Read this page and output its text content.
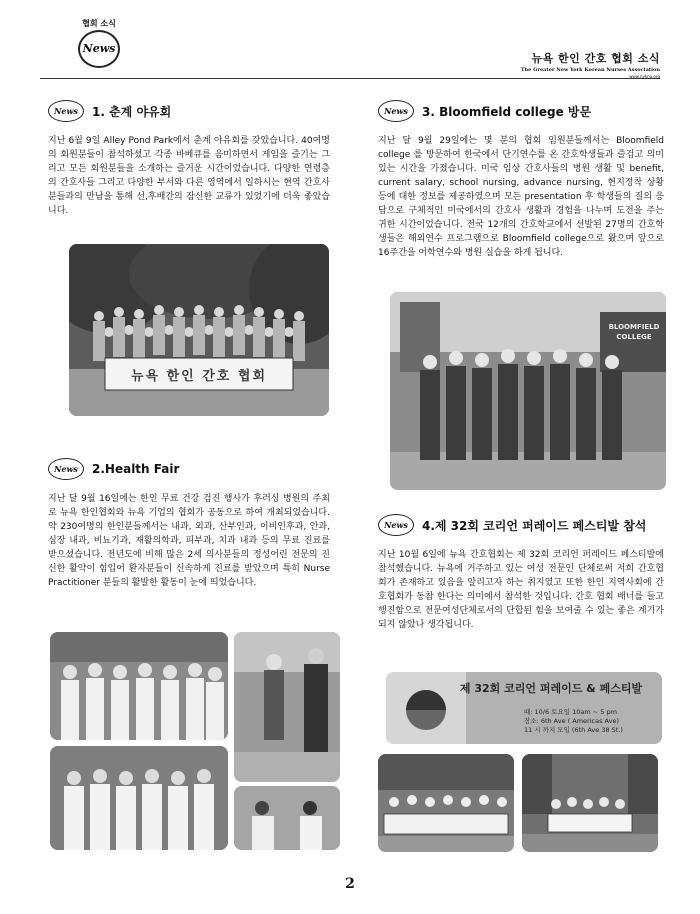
협회 소식
News
뉴욕 한인 간호 협회 소식
The Greater New York Korean Nurses Association
www.nykna.org
News	1. 춘계 야유회
지난 6월 9일 Alley Pond Park에서 춘계 야유회를 갖았습니다. 40여명의 회원분들이 참석하셨고 각종 바베큐를 음미하면서 게임을 즐기는 그리고 모든 회원분들을 소개하는 즐거운 시간이었습니다. 다양한 연령층의 간호사들 그리고 다양한 부서와 다른 영역에서 일하시는 현역 간호사분들과의 만남을 통해 선,후배간의 잠신한 교류가 있었기에 더욱 좋았습니다.
뉴욕 한인 간호 협회
News	2.Health Fair
지난 달 9월 16일에는 한인 무료 건강 검진 행사가 후러싱 병원의 주최로 뉴욕 한인협회와 뉴욕 기업의 협회가 공동으로 하여 개최되었습니다. 약 230여명의 한인분들께서는 내과, 외과, 산부인과, 이비인후과, 안과, 심장 내과, 비뇨기과, 재활의학과, 피부과, 치과 내과 등의 무료 진료를 받으셨습니다. 전년도에 비해 많은 2세 의사분들의 정성어린 전문의 진신한 활약이 힘입어 환자분들이 신속하게 진료를 받았으며 특히 Nurse Practitioner 분들의 활발한 활동이 눈에 띄었습니다.
News	3. Bloomfield college 방문
지난 달 9월 29일에는 몇 분의 협회 임원분들께서는 Bloomfield college 를 방문하여 한국에서 단기연수를 온 간호학생들과 즐겁고 의미있는 시간을 가졌습니다. 미국 임상 간호사들의 병원 생활 및 benefit, current salary, school nursing, advance nursing, 현지정착 상황 등에 대한 정보를 제공하였으며 모든 presentation 후 학생들의 질의 응답으로 구체적인 미국에서의 간호사 생활과 경험을 나누며 도전을 주는 귀한 시간이었습니다. 전국 12개의 간호학교에서 선발된 27명의 간호학생들은 해외연수 프로그램으로 Bloomfield college으로 왔으며 앞으로 16주간을 어학연수와 병원 실습을 하게 됩니다.
BLOOMFIELD COLLEGE
News	4.제 32회 코리언 퍼레이드 페스티발 참석
지난 10월 6일에 뉴욕 간호협회는 제 32회 코리언 퍼레이드 페스티발에 참석했습니다. 뉴욕에 거주하고 있는 여성 전문인 단체로써 저희 간호협회가 존재하고 있음을 알리고자 하는 취지였고 또한 한인 지역사회에 간호협회가 동참 한다는 의미에서 참석한 것입니다. 간호 협회 배너를 들고 행진함으로 전문여성단체로서의 단합된 힘을 보여줄 수 있는 좋은 계기가 되지 않았나 생각됩니다.
제 32회 코리언 퍼레이드 & 페스티발
때: 10/6 토요일 10am ~ 5 pm
장소: 6th Ave ( Americas Ave)
11 시 까지 모임 (6th Ave 38 St.)
2
